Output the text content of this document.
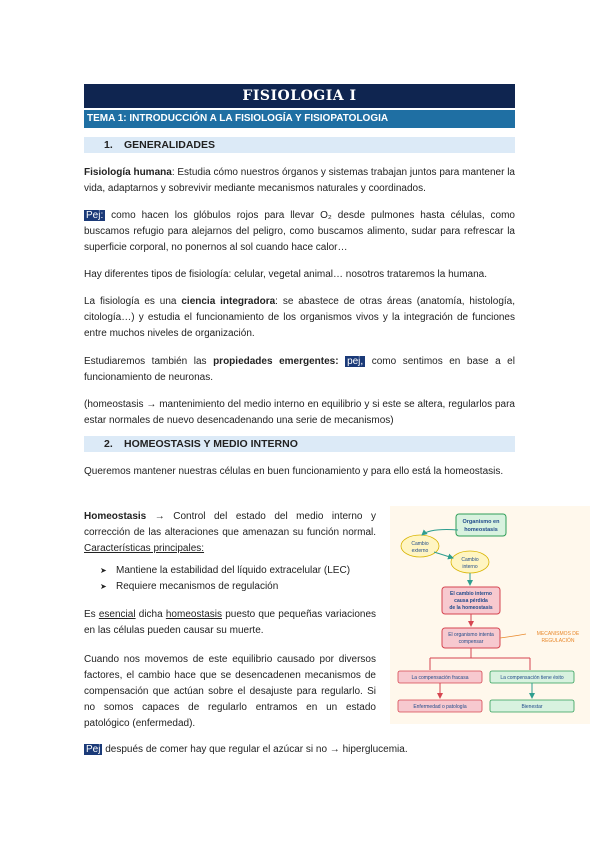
FISIOLOGIA I
TEMA 1: INTRODUCCIÓN A LA FISIOLOGÍA Y FISIOPATOLOGIA
1. GENERALIDADES

Fisiología humana: Estudia cómo nuestros órganos y sistemas trabajan juntos para mantener la vida, adaptarnos y sobrevivir mediante mecanismos naturales y coordinados.

Pej: como hacen los glóbulos rojos para llevar O₂ desde pulmones hasta células, como buscamos refugio para alejarnos del peligro, como buscamos alimento, sudar para refrescar la superficie corporal, no ponernos al sol cuando hace calor…

Hay diferentes tipos de fisiología: celular, vegetal animal… nosotros trataremos la humana.

La fisiología es una ciencia integradora: se abastece de otras áreas (anatomía, histología, citología…) y estudia el funcionamiento de los organismos vivos y la integración de funciones entre muchos niveles de organización.

Estudiaremos también las propiedades emergentes: pej, como sentimos en base a el funcionamiento de neuronas.

(homeostasis → mantenimiento del medio interno en equilibrio y si este se altera, regularlos para estar normales de nuevo desencadenando una serie de mecanismos)

2. HOMEOSTASIS Y MEDIO INTERNO

Queremos mantener nuestras células en buen funcionamiento y para ello está la homeostasis.

Homeostasis → Control del estado del medio interno y corrección de las alteraciones que amenazan su función normal. Características principales:

➤ Mantiene la estabilidad del líquido extracelular (LEC)
➤ Requiere mecanismos de regulación

Es esencial dicha homeostasis puesto que pequeñas variaciones en las células pueden causar su muerte.

Cuando nos movemos de este equilibrio causado por diversos factores, el cambio hace que se desencadenen mecanismos de compensación que actúan sobre el desajuste para regularlo. Si no somos capaces de regularlo entramos en un estado patológico (enfermedad).

Pej después de comer hay que regular el azúcar si no → hiperglucemia.

Organismo en
homeostasis
Cambio
externo
Cambio
interno
El cambio interno
causa pérdida
de la homeostasis
El organismo intenta
compensar
MECANISMOS DE
REGULACIÓN
La compensación fracasa	La compensación tiene éxito
Enfermedad o patología	Bienestar
